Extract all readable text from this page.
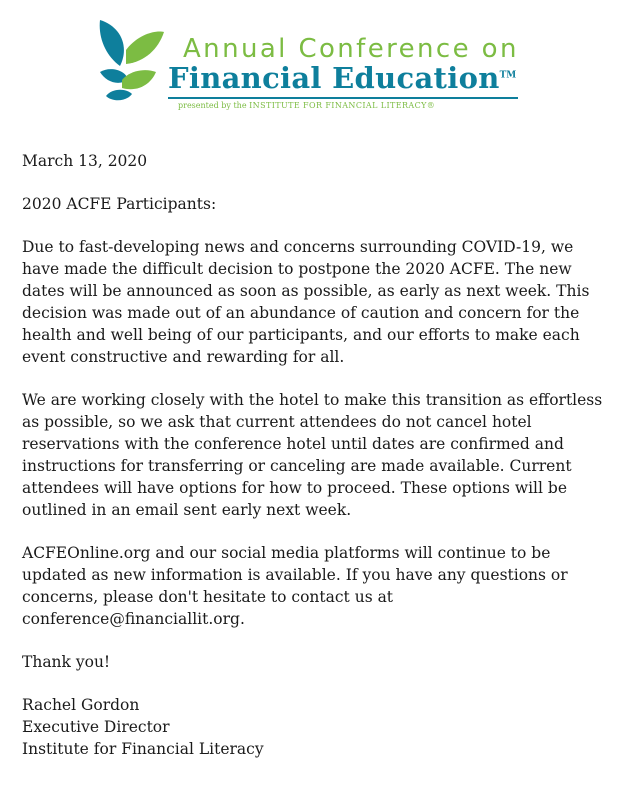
Annual Conference on
Financial Education™
presented by the INSTITUTE FOR FINANCIAL LITERACY®

March 13, 2020

2020 ACFE Participants:

Due to fast-developing news and concerns surrounding COVID-19, we have made the difficult decision to postpone the 2020 ACFE. The new dates will be announced as soon as possible, as early as next week. This decision was made out of an abundance of caution and concern for the health and well being of our participants, and our efforts to make each event constructive and rewarding for all.

We are working closely with the hotel to make this transition as effortless as possible, so we ask that current attendees do not cancel hotel reservations with the conference hotel until dates are confirmed and instructions for transferring or canceling are made available. Current attendees will have options for how to proceed. These options will be outlined in an email sent early next week.

ACFEOnline.org and our social media platforms will continue to be updated as new information is available. If you have any questions or concerns, please don't hesitate to contact us at conference@financiallit.org.

Thank you!

Rachel Gordon

Executive Director

Institute for Financial Literacy
